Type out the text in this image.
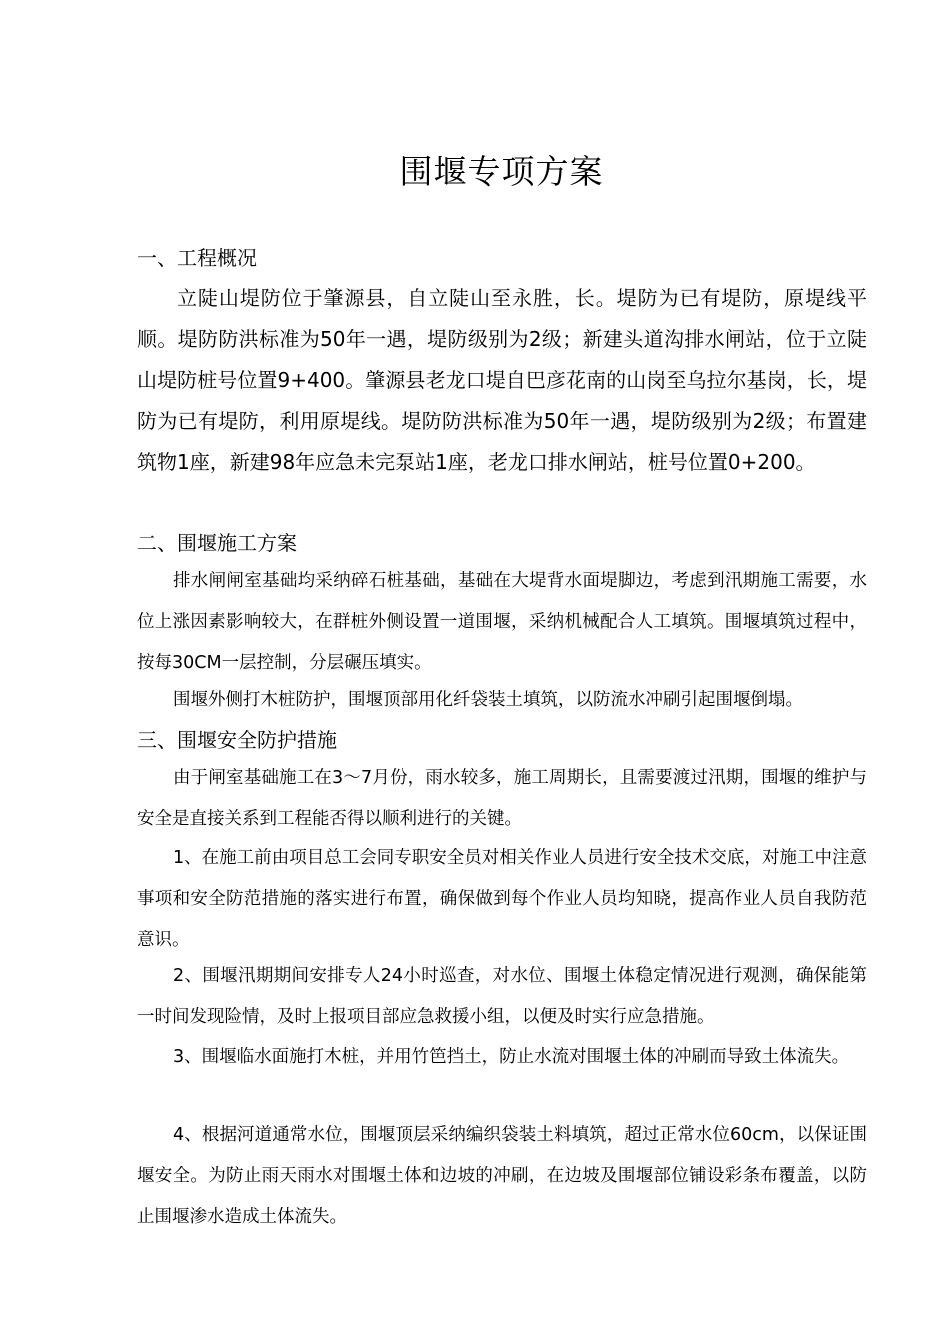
围堰专项方案
一、工程概况

立陡山堤防位于肇源县，自立陡山至永胜，长。堤防为已有堤防，原堤线平顺。堤防防洪标准为50年一遇，堤防级别为2级；新建头道沟排水闸站，位于立陡山堤防桩号位置9+400。肇源县老龙口堤自巴彦花南的山岗至乌拉尔基岗，长，堤防为已有堤防，利用原堤线。堤防防洪标准为50年一遇，堤防级别为2级；布置建筑物1座，新建98年应急未完泵站1座，老龙口排水闸站，桩号位置0+200。

二、围堰施工方案

排水闸闸室基础均采纳碎石桩基础，基础在大堤背水面堤脚边，考虑到汛期施工需要，水位上涨因素影响较大，在群桩外侧设置一道围堰，采纳机械配合人工填筑。围堰填筑过程中，按每30CM一层控制，分层碾压填实。

围堰外侧打木桩防护，围堰顶部用化纤袋装土填筑，以防流水冲刷引起围堰倒塌。

三、围堰安全防护措施

由于闸室基础施工在3～7月份，雨水较多，施工周期长，且需要渡过汛期，围堰的维护与安全是直接关系到工程能否得以顺利进行的关键。

1、在施工前由项目总工会同专职安全员对相关作业人员进行安全技术交底，对施工中注意事项和安全防范措施的落实进行布置，确保做到每个作业人员均知晓，提高作业人员自我防范意识。

2、围堰汛期期间安排专人24小时巡查，对水位、围堰土体稳定情况进行观测，确保能第一时间发现险情，及时上报项目部应急救援小组，以便及时实行应急措施。

3、围堰临水面施打木桩，并用竹笆挡土，防止水流对围堰土体的冲刷而导致土体流失。

4、根据河道通常水位，围堰顶层采纳编织袋装土料填筑，超过正常水位60cm，以保证围堰安全。为防止雨天雨水对围堰土体和边坡的冲刷，在边坡及围堰部位铺设彩条布覆盖，以防止围堰渗水造成土体流失。
